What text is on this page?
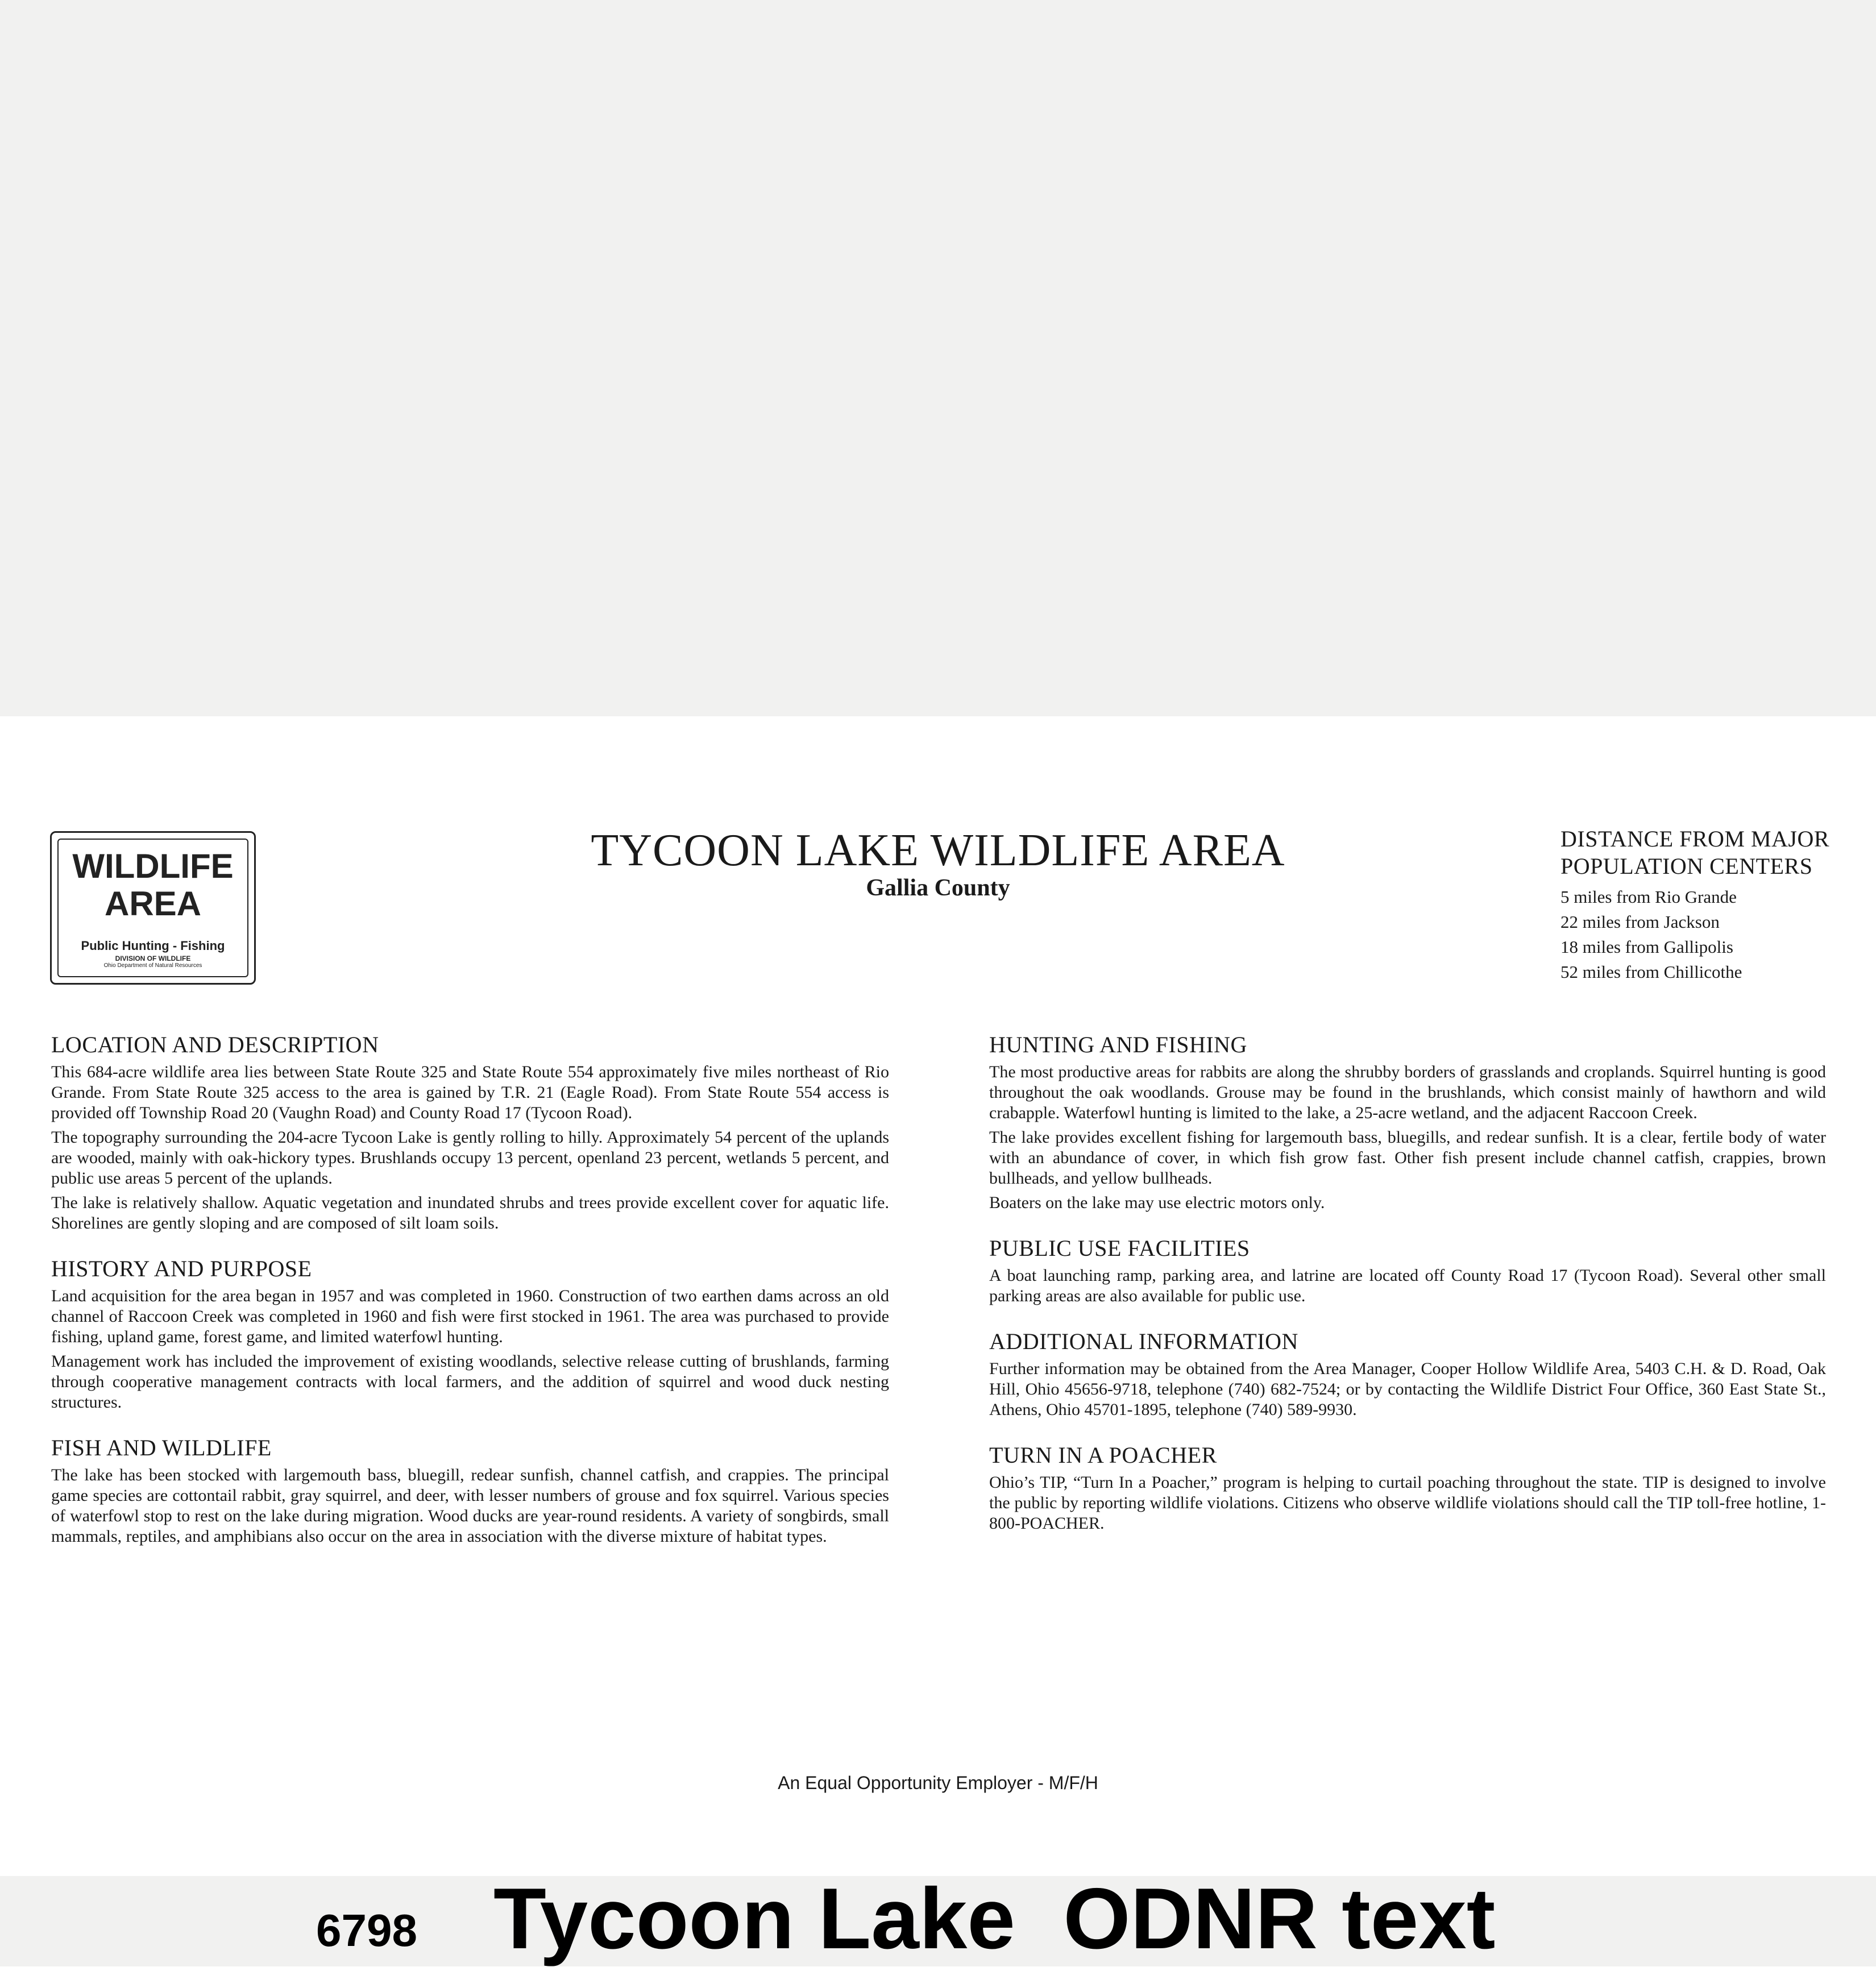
WILDLIFE
AREA
Public Hunting - Fishing
DIVISION OF WILDLIFE
Ohio Department of Natural Resources
TYCOON LAKE WILDLIFE AREA
Gallia County
DISTANCE FROM MAJOR
POPULATION CENTERS
5 miles from Rio Grande
22 miles from Jackson
18 miles from Gallipolis
52 miles from Chillicothe
LOCATION AND DESCRIPTION

This 684-acre wildlife area lies between State Route 325 and State Route 554 approximately five miles northeast of Rio Grande. From State Route 325 access to the area is gained by T.R. 21 (Eagle Road). From State Route 554 access is provided off Township Road 20 (Vaughn Road) and County Road 17 (Tycoon Road).

The topography surrounding the 204-acre Tycoon Lake is gently rolling to hilly. Approximately 54 percent of the uplands are wooded, mainly with oak-hickory types. Brushlands occupy 13 percent, openland 23 percent, wetlands 5 percent, and public use areas 5 percent of the uplands.

The lake is relatively shallow. Aquatic vegetation and inundated shrubs and trees provide excellent cover for aquatic life. Shorelines are gently sloping and are composed of silt loam soils.

HISTORY AND PURPOSE

Land acquisition for the area began in 1957 and was completed in 1960. Construction of two earthen dams across an old channel of Raccoon Creek was completed in 1960 and fish were first stocked in 1961. The area was purchased to provide fishing, upland game, forest game, and limited waterfowl hunting.

Management work has included the improvement of existing woodlands, selective release cutting of brushlands, farming through cooperative management contracts with local farmers, and the addition of squirrel and wood duck nesting structures.

FISH AND WILDLIFE

The lake has been stocked with largemouth bass, bluegill, redear sunfish, channel catfish, and crappies. The principal game species are cottontail rabbit, gray squirrel, and deer, with lesser numbers of grouse and fox squirrel. Various species of waterfowl stop to rest on the lake during migration. Wood ducks are year-round residents. A variety of songbirds, small mammals, reptiles, and amphibians also occur on the area in association with the diverse mixture of habitat types.

HUNTING AND FISHING

The most productive areas for rabbits are along the shrubby borders of grasslands and croplands. Squirrel hunting is good throughout the oak woodlands. Grouse may be found in the brushlands, which consist mainly of hawthorn and wild crabapple. Waterfowl hunting is limited to the lake, a 25-acre wetland, and the adjacent Raccoon Creek.

The lake provides excellent fishing for largemouth bass, bluegills, and redear sunfish. It is a clear, fertile body of water with an abundance of cover, in which fish grow fast. Other fish present include channel catfish, crappies, brown bullheads, and yellow bullheads.

Boaters on the lake may use electric motors only.

PUBLIC USE FACILITIES

A boat launching ramp, parking area, and latrine are located off County Road 17 (Tycoon Road). Several other small parking areas are also available for public use.

ADDITIONAL INFORMATION

Further information may be obtained from the Area Manager, Cooper Hollow Wildlife Area, 5403 C.H. & D. Road, Oak Hill, Ohio 45656-9718, telephone (740) 682-7524; or by contacting the Wildlife District Four Office, 360 East State St., Athens, Ohio 45701-1895, telephone (740) 589-9930.

TURN IN A POACHER

Ohio’s TIP, “Turn In a Poacher,” program is helping to curtail poaching throughout the state. TIP is designed to involve the public by reporting wildlife violations. Citizens who observe wildlife violations should call the TIP toll-free hotline, 1-800-POACHER.

An Equal Opportunity Employer - M/F/H
6798 Tycoon Lake  ODNR text
